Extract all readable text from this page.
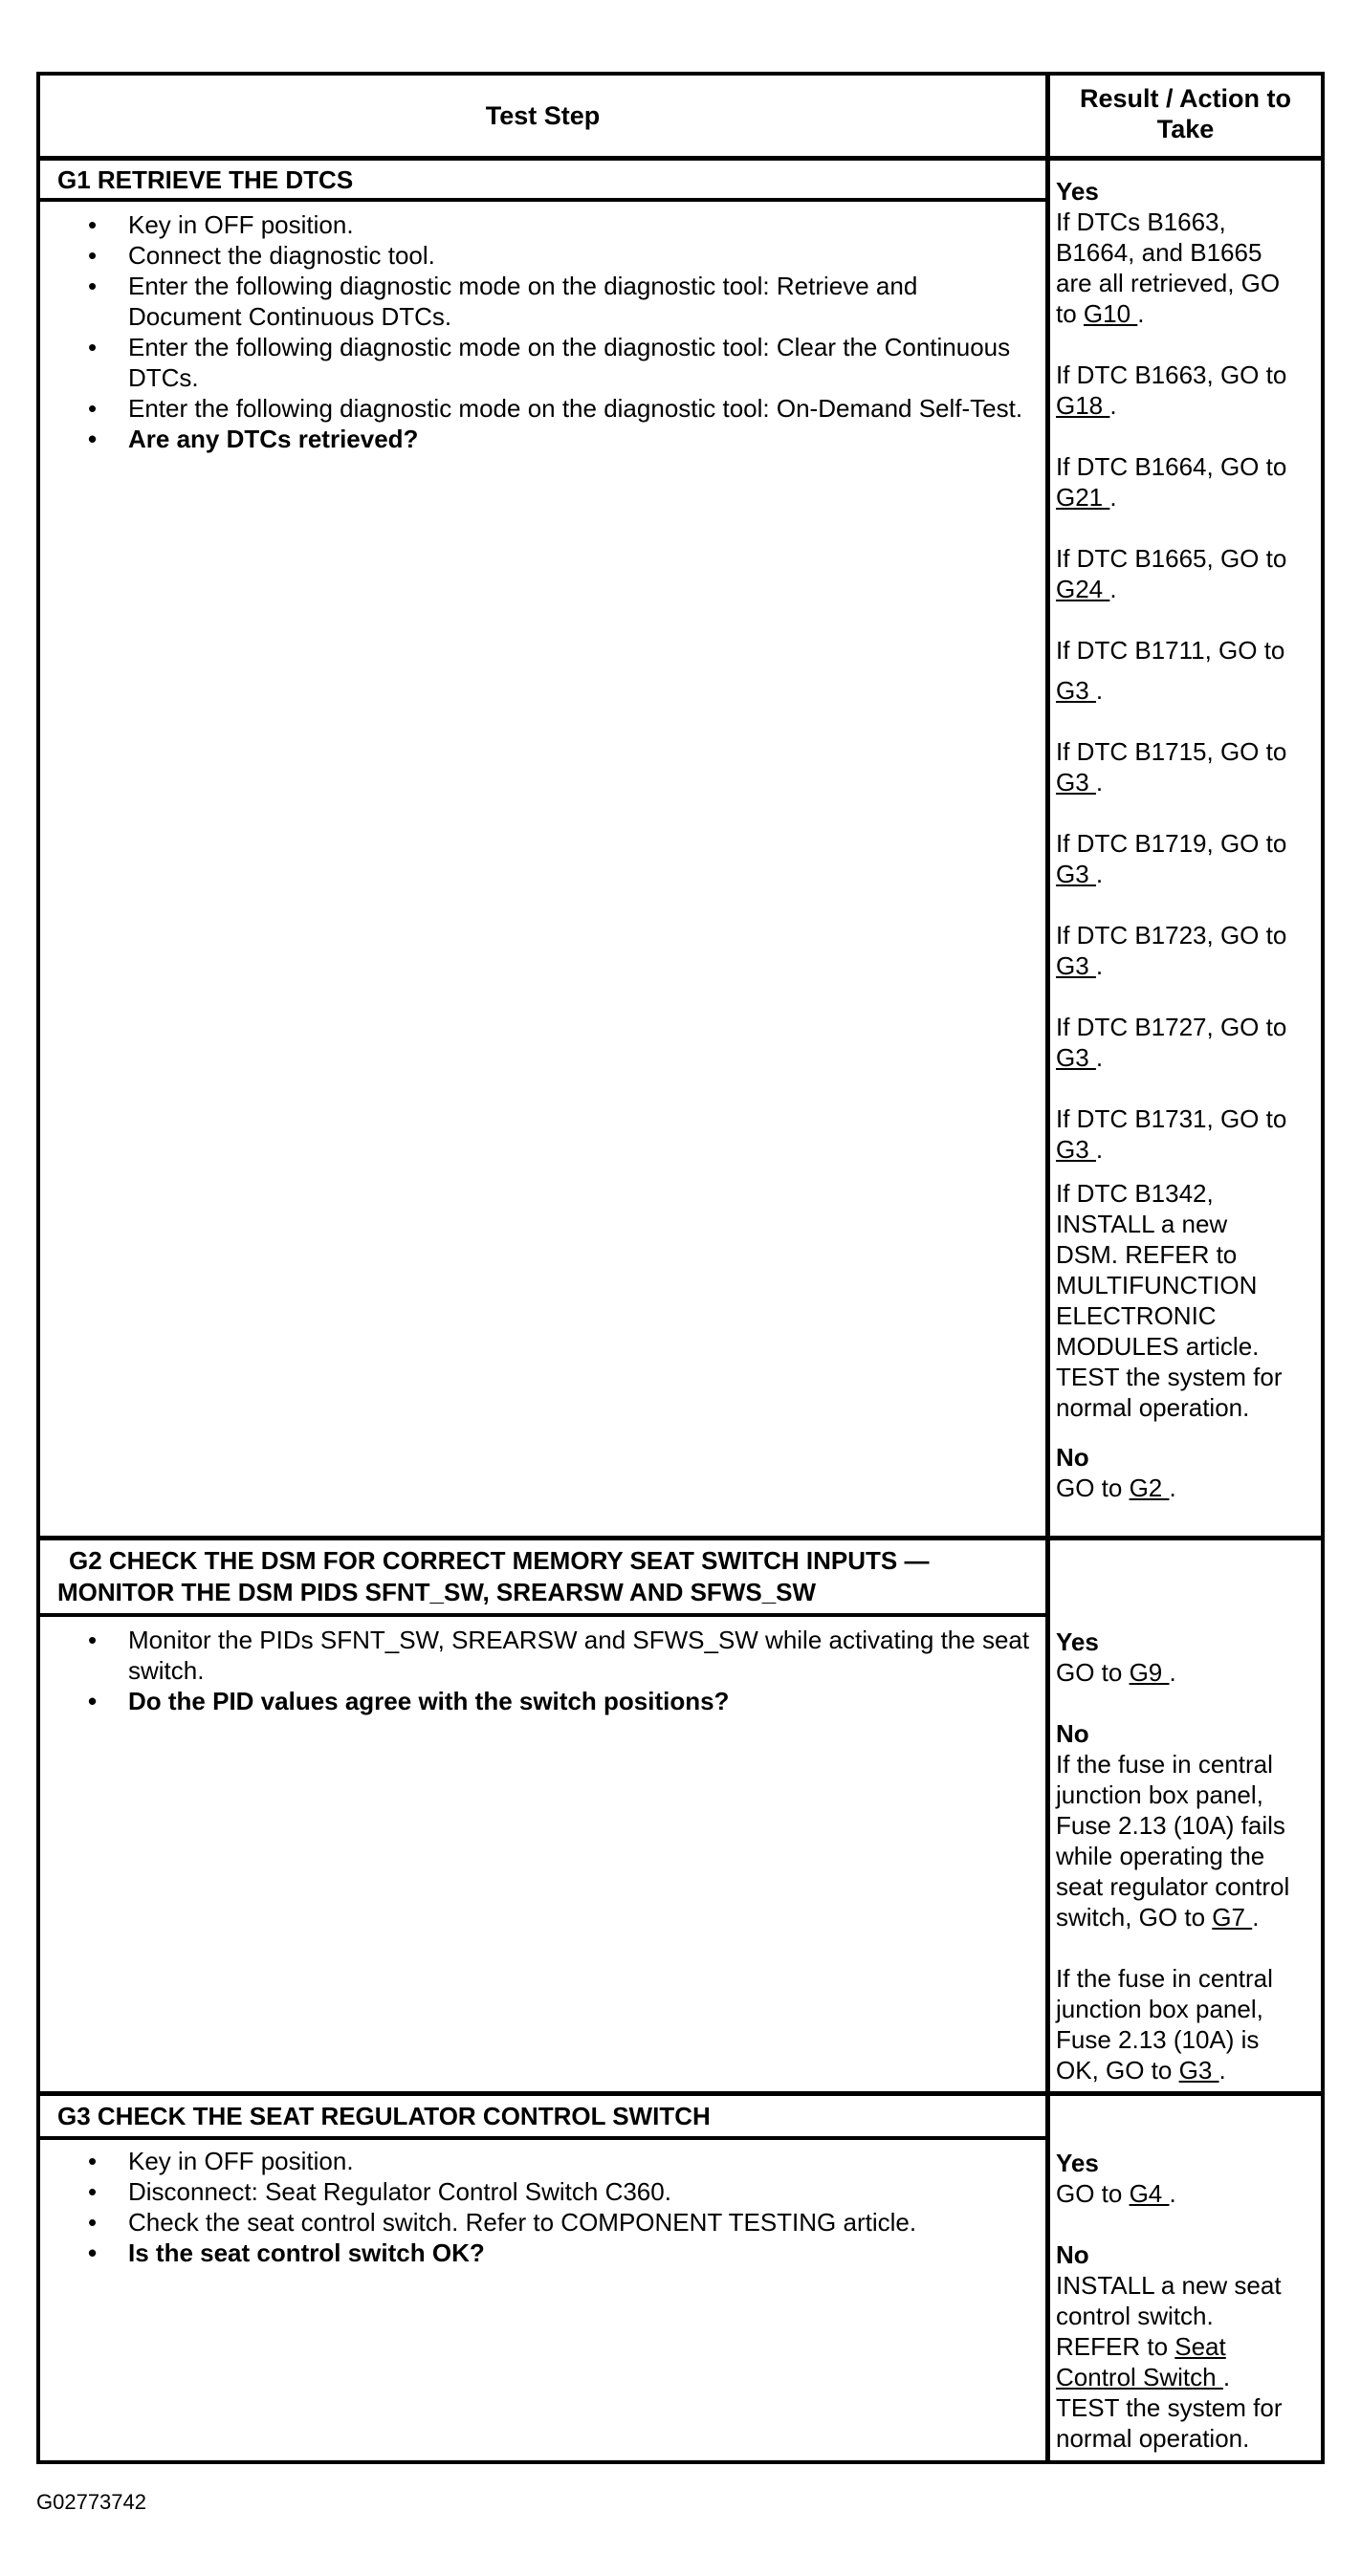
Test Step
Result / Action to
Take
G1 RETRIEVE THE DTCS
• Key in OFF position.
• Connect the diagnostic tool.
• Enter the following diagnostic mode on the diagnostic tool: Retrieve and Document Continuous DTCs.
• Enter the following diagnostic mode on the diagnostic tool: Clear the Continuous DTCs.
• Enter the following diagnostic mode on the diagnostic tool: On-Demand Self-Test.
• Are any DTCs retrieved?
Yes
If DTCs B1663,
B1664, and B1665
are all retrieved, GO
to G10 .
If DTC B1663, GO to
G18 .
If DTC B1664, GO to
G21 .
If DTC B1665, GO to
G24 .
If DTC B1711, GO to
G3 .
If DTC B1715, GO to
G3 .
If DTC B1719, GO to
G3 .
If DTC B1723, GO to
G3 .
If DTC B1727, GO to
G3 .
If DTC B1731, GO to
G3 .
If DTC B1342,
INSTALL a new
DSM. REFER to
MULTIFUNCTION
ELECTRONIC
MODULES article.
TEST the system for
normal operation.
No
GO to G2 .
G2 CHECK THE DSM FOR CORRECT MEMORY SEAT SWITCH INPUTS —
MONITOR THE DSM PIDS SFNT_SW, SREARSW AND SFWS_SW
• Monitor the PIDs SFNT_SW, SREARSW and SFWS_SW while activating the seat switch.
• Do the PID values agree with the switch positions?
Yes
GO to G9 .
No
If the fuse in central
junction box panel,
Fuse 2.13 (10A) fails
while operating the
seat regulator control
switch, GO to G7 .
If the fuse in central
junction box panel,
Fuse 2.13 (10A) is
OK, GO to G3 .
G3 CHECK THE SEAT REGULATOR CONTROL SWITCH
• Key in OFF position.
• Disconnect: Seat Regulator Control Switch C360.
• Check the seat control switch. Refer to COMPONENT TESTING article.
• Is the seat control switch OK?
Yes
GO to G4 .
No
INSTALL a new seat
control switch.
REFER to Seat
Control Switch .
TEST the system for
normal operation.
G02773742
